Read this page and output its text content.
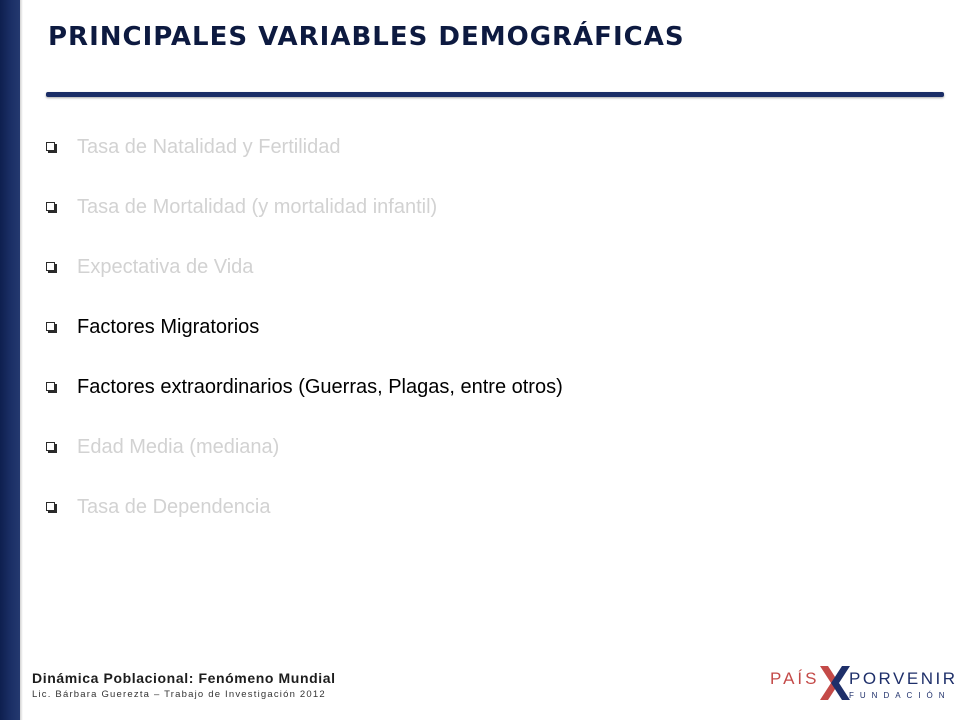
PRINCIPALES VARIABLES DEMOGRÁFICAS
Tasa de Natalidad y Fertilidad
Tasa de Mortalidad (y mortalidad infantil)
Expectativa de Vida
Factores Migratorios
Factores extraordinarios (Guerras, Plagas, entre otros)
Edad Media (mediana)
Tasa de Dependencia
Dinámica Poblacional: Fenómeno Mundial
Lic. Bárbara Guerezta – Trabajo de Investigación 2012
PAÍS PORVENIR
FUNDACIÓN
